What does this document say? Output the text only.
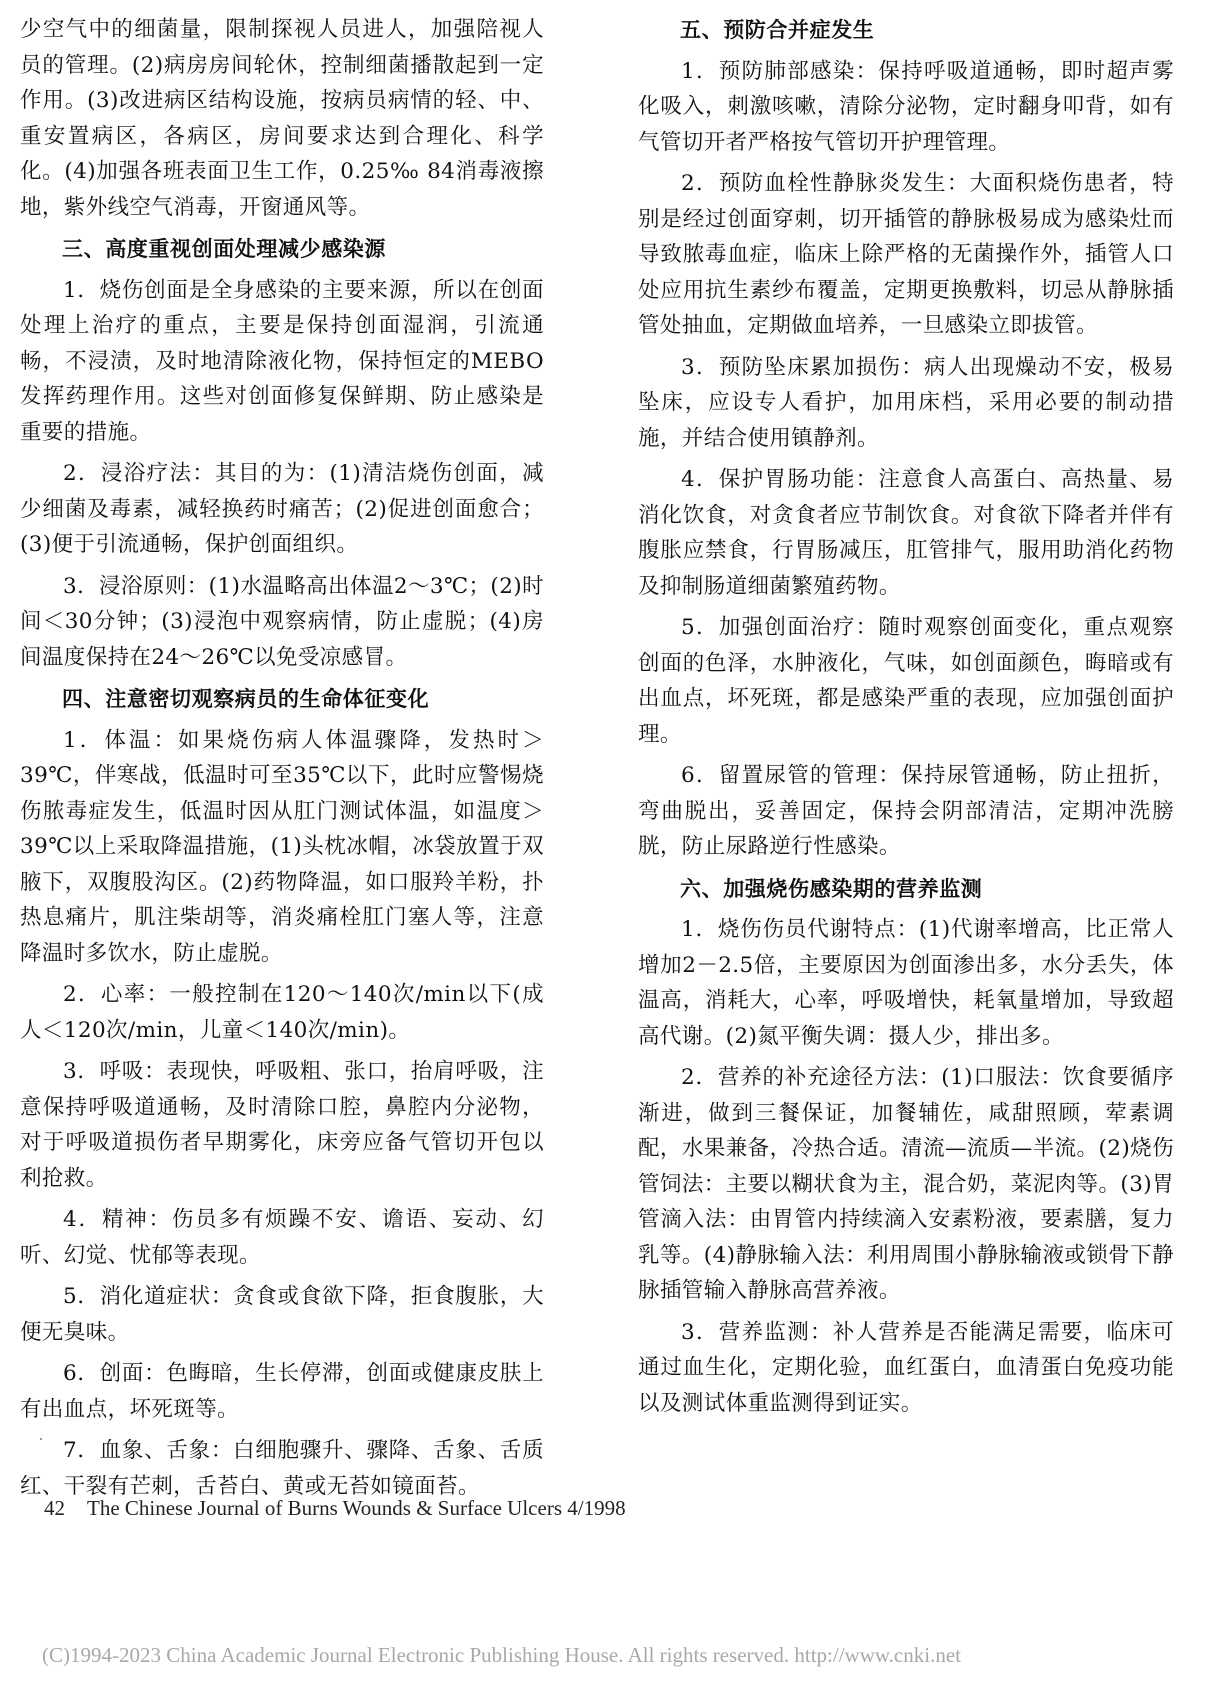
少空气中的细菌量，限制探视人员进人，加强陪视人员的管理。(2)病房房间轮休，控制细菌播散起到一定作用。(3)改进病区结构设施，按病员病情的轻、中、重安置病区，各病区，房间要求达到合理化、科学化。(4)加强各班表面卫生工作，0.25‰ 84消毒液擦地，紫外线空气消毒，开窗通风等。

三、高度重视创面处理减少感染源

1．烧伤创面是全身感染的主要来源，所以在创面处理上治疗的重点，主要是保持创面湿润，引流通畅，不浸渍，及时地清除液化物，保持恒定的MEBO发挥药理作用。这些对创面修复保鲜期、防止感染是重要的措施。

2．浸浴疗法：其目的为：(1)清洁烧伤创面，减少细菌及毒素，减轻换药时痛苦；(2)促进创面愈合；(3)便于引流通畅，保护创面组织。

3．浸浴原则：(1)水温略高出体温2～3℃；(2)时间＜30分钟；(3)浸泡中观察病情，防止虚脱；(4)房间温度保持在24～26℃以免受凉感冒。

四、注意密切观察病员的生命体征变化

1．体温：如果烧伤病人体温骤降，发热时＞39℃，伴寒战，低温时可至35℃以下，此时应警惕烧伤脓毒症发生，低温时因从肛门测试体温，如温度＞39℃以上采取降温措施，(1)头枕冰帽，冰袋放置于双腋下，双腹股沟区。(2)药物降温，如口服羚羊粉，扑热息痛片，肌注柴胡等，消炎痛栓肛门塞人等，注意降温时多饮水，防止虚脱。

2．心率：一般控制在120～140次/min以下(成人＜120次/min，儿童＜140次/min)。

3．呼吸：表现快，呼吸粗、张口，抬肩呼吸，注意保持呼吸道通畅，及时清除口腔，鼻腔内分泌物，对于呼吸道损伤者早期雾化，床旁应备气管切开包以利抢救。

4．精神：伤员多有烦躁不安、谵语、妄动、幻听、幻觉、忧郁等表现。

5．消化道症状：贪食或食欲下降，拒食腹胀，大便无臭味。

6．创面：色晦暗，生长停滞，创面或健康皮肤上有出血点，坏死斑等。

7．血象、舌象：白细胞骤升、骤降、舌象、舌质红、干裂有芒刺，舌苔白、黄或无苔如镜面苔。

五、预防合并症发生

1．预防肺部感染：保持呼吸道通畅，即时超声雾化吸入，刺激咳嗽，清除分泌物，定时翻身叩背，如有气管切开者严格按气管切开护理管理。

2．预防血栓性静脉炎发生：大面积烧伤患者，特别是经过创面穿刺，切开插管的静脉极易成为感染灶而导致脓毒血症，临床上除严格的无菌操作外，插管人口处应用抗生素纱布覆盖，定期更换敷料，切忌从静脉插管处抽血，定期做血培养，一旦感染立即拔管。

3．预防坠床累加损伤：病人出现燥动不安，极易坠床，应设专人看护，加用床档，采用必要的制动措施，并结合使用镇静剂。

4．保护胃肠功能：注意食人高蛋白、高热量、易消化饮食，对贪食者应节制饮食。对食欲下降者并伴有腹胀应禁食，行胃肠减压，肛管排气，服用助消化药物及抑制肠道细菌繁殖药物。

5．加强创面治疗：随时观察创面变化，重点观察创面的色泽，水肿液化，气味，如创面颜色，晦暗或有出血点，坏死斑，都是感染严重的表现，应加强创面护理。

6．留置尿管的管理：保持尿管通畅，防止扭折，弯曲脱出，妥善固定，保持会阴部清洁，定期冲洗膀胱，防止尿路逆行性感染。

六、加强烧伤感染期的营养监测

1．烧伤伤员代谢特点：(1)代谢率增高，比正常人增加2－2.5倍，主要原因为创面渗出多，水分丢失，体温高，消耗大，心率，呼吸增快，耗氧量增加，导致超高代谢。(2)氮平衡失调：摄人少，排出多。

2．营养的补充途径方法：(1)口服法：饮食要循序渐进，做到三餐保证，加餐辅佐，咸甜照顾，荤素调配，水果兼备，冷热合适。清流—流质—半流。(2)烧伤管饲法：主要以糊状食为主，混合奶，菜泥肉等。(3)胃管滴入法：由胃管内持续滴入安素粉液，要素膳，复力乳等。(4)静脉输入法：利用周围小静脉输液或锁骨下静脉插管输入静脉高营养液。

3．营养监测：补人营养是否能满足需要，临床可通过血生化，定期化验，血红蛋白，血清蛋白免疫功能以及测试体重监测得到证实。

42 The Chinese Journal of Burns Wounds & Surface Ulcers 4/1998
(C)1994-2023 China Academic Journal Electronic Publishing House. All rights reserved. http://www.cnki.net
